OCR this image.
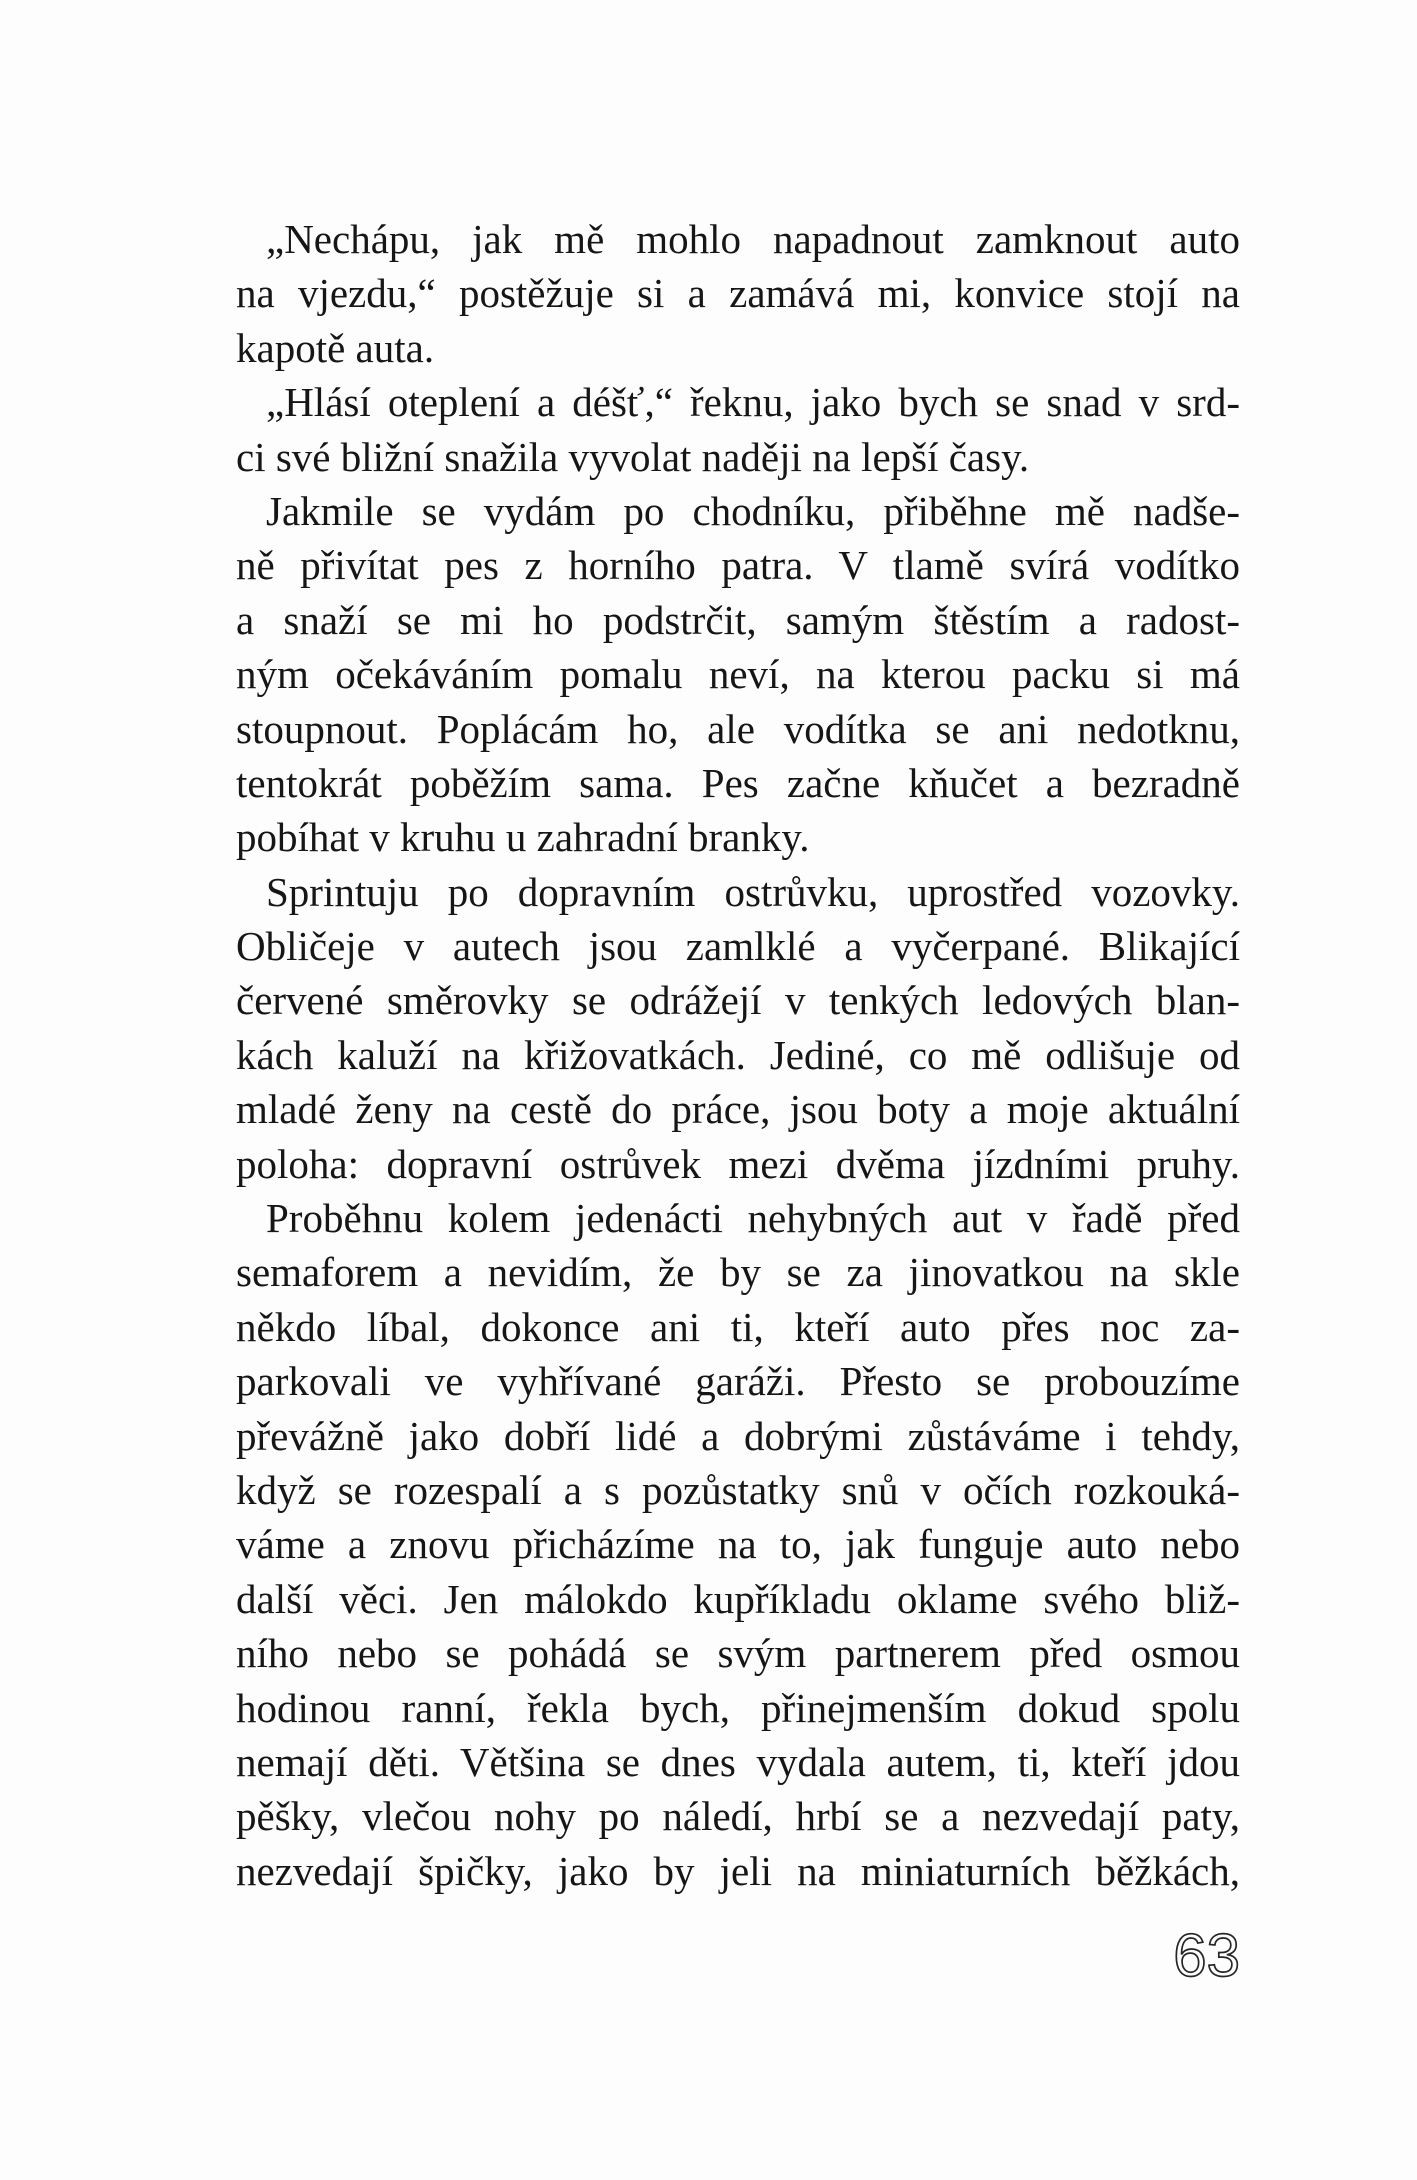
„Nechápu, jak mě mohlo napadnout zamknout auto
na vjezdu,“ postěžuje si a zamává mi, konvice stojí na
kapotě auta.
„Hlásí oteplení a déšť,“ řeknu, jako bych se snad v srd-
ci své bližní snažila vyvolat naději na lepší časy.
Jakmile se vydám po chodníku, přiběhne mě nadše-
ně přivítat pes z horního patra. V tlamě svírá vodítko
a snaží se mi ho podstrčit, samým štěstím a radost-
ným očekáváním pomalu neví, na kterou packu si má
stoupnout. Poplácám ho, ale vodítka se ani nedotknu,
tentokrát poběžím sama. Pes začne kňučet a bezradně
pobíhat v kruhu u zahradní branky.
Sprintuju po dopravním ostrůvku, uprostřed vozovky.
Obličeje v autech jsou zamlklé a vyčerpané. Blikající
červené směrovky se odrážejí v tenkých ledových blan-
kách kaluží na křižovatkách. Jediné, co mě odlišuje od
mladé ženy na cestě do práce, jsou boty a moje aktuální
poloha: dopravní ostrůvek mezi dvěma jízdními pruhy.
Proběhnu kolem jedenácti nehybných aut v řadě před
semaforem a nevidím, že by se za jinovatkou na skle
někdo líbal, dokonce ani ti, kteří auto přes noc za-
parkovali ve vyhřívané garáži. Přesto se probouzíme
převážně jako dobří lidé a dobrými zůstáváme i tehdy,
když se rozespalí a s pozůstatky snů v očích rozkouká-
váme a znovu přicházíme na to, jak funguje auto nebo
další věci. Jen málokdo kupříkladu oklame svého bliž-
ního nebo se pohádá se svým partnerem před osmou
hodinou ranní, řekla bych, přinejmenším dokud spolu
nemají děti. Většina se dnes vydala autem, ti, kteří jdou
pěšky, vlečou nohy po náledí, hrbí se a nezvedají paty,
nezvedají špičky, jako by jeli na miniaturních běžkách,
63
